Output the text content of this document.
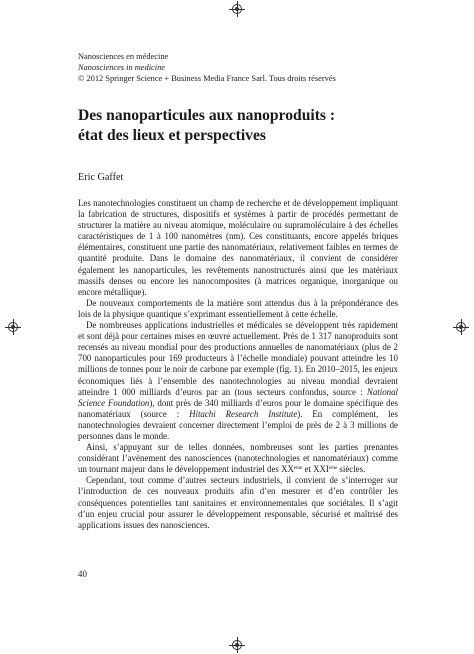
Nanosciences en médecine
Nanosciences in medicine
© 2012 Springer Science + Business Media France Sarl. Tous droits réservés
Des nanoparticules aux nanoproduits :
état des lieux et perspectives
Eric Gaffet

Les nanotechnologies constituent un champ de recherche et de développement impliquant la fabrication de structures, dispositifs et systèmes à partir de procédés permettant de structurer la matière au niveau atomique, moléculaire ou supramoléculaire à des échelles caractéristiques de 1 à 100 nanomètres (nm). Ces constituants, encore appelés briques élémentaires, constituent une partie des nanomatériaux, relativement faibles en termes de quantité produite. Dans le domaine des nanomatériaux, il convient de considérer également les nanoparticules, les revêtements nanostructurés ainsi que les matériaux massifs denses ou encore les nanocomposites (à matrices organique, inorganique ou encore métallique).

De nouveaux comportements de la matière sont attendus dus à la prépondérance des lois de la physique quantique s’exprimant essentiellement à cette échelle.

De nombreuses applications industrielles et médicales se développent très rapidement et sont déjà pour certaines mises en œuvre actuellement. Près de 1 317 nanoproduits sont recensés au niveau mondial pour des productions annuelles de nanomatériaux (plus de 2 700 nanoparticules pour 169 producteurs à l’échelle mondiale) pouvant atteindre les 10 millions de tonnes pour le noir de carbone par exemple (fig. 1). En 2010–2015, les enjeux économiques liés à l’ensemble des nanotechnologies au niveau mondial devraient atteindre 1 000 milliards d’euros par an (tous secteurs confondus, source : National Science Foundation), dont près de 340 milliards d’euros pour le domaine spécifique des nanomatériaux (source : Hitachi Research Institute). En complément, les nanotechnologies devraient concerner directement l’emploi de près de 2 à 3 millions de personnes dans le monde.

Ainsi, s’appuyant sur de telles données, nombreuses sont les parties prenantes considérant l’avènement des nanosciences (nanotechnologies et nanomatériaux) comme un tournant majeur dans le développement industriel des XXème et XXIème siècles.

Cependant, tout comme d’autres secteurs industriels, il convient de s’interroger sur l’introduction de ces nouveaux produits afin d’en mesurer et d’en contrôler les conséquences potentielles tant sanitaires et environnementales que sociétales. Il s’agit d’un enjeu crucial pour assurer le développement responsable, sécurisé et maîtrisé des applications issues des nanosciences.

40
